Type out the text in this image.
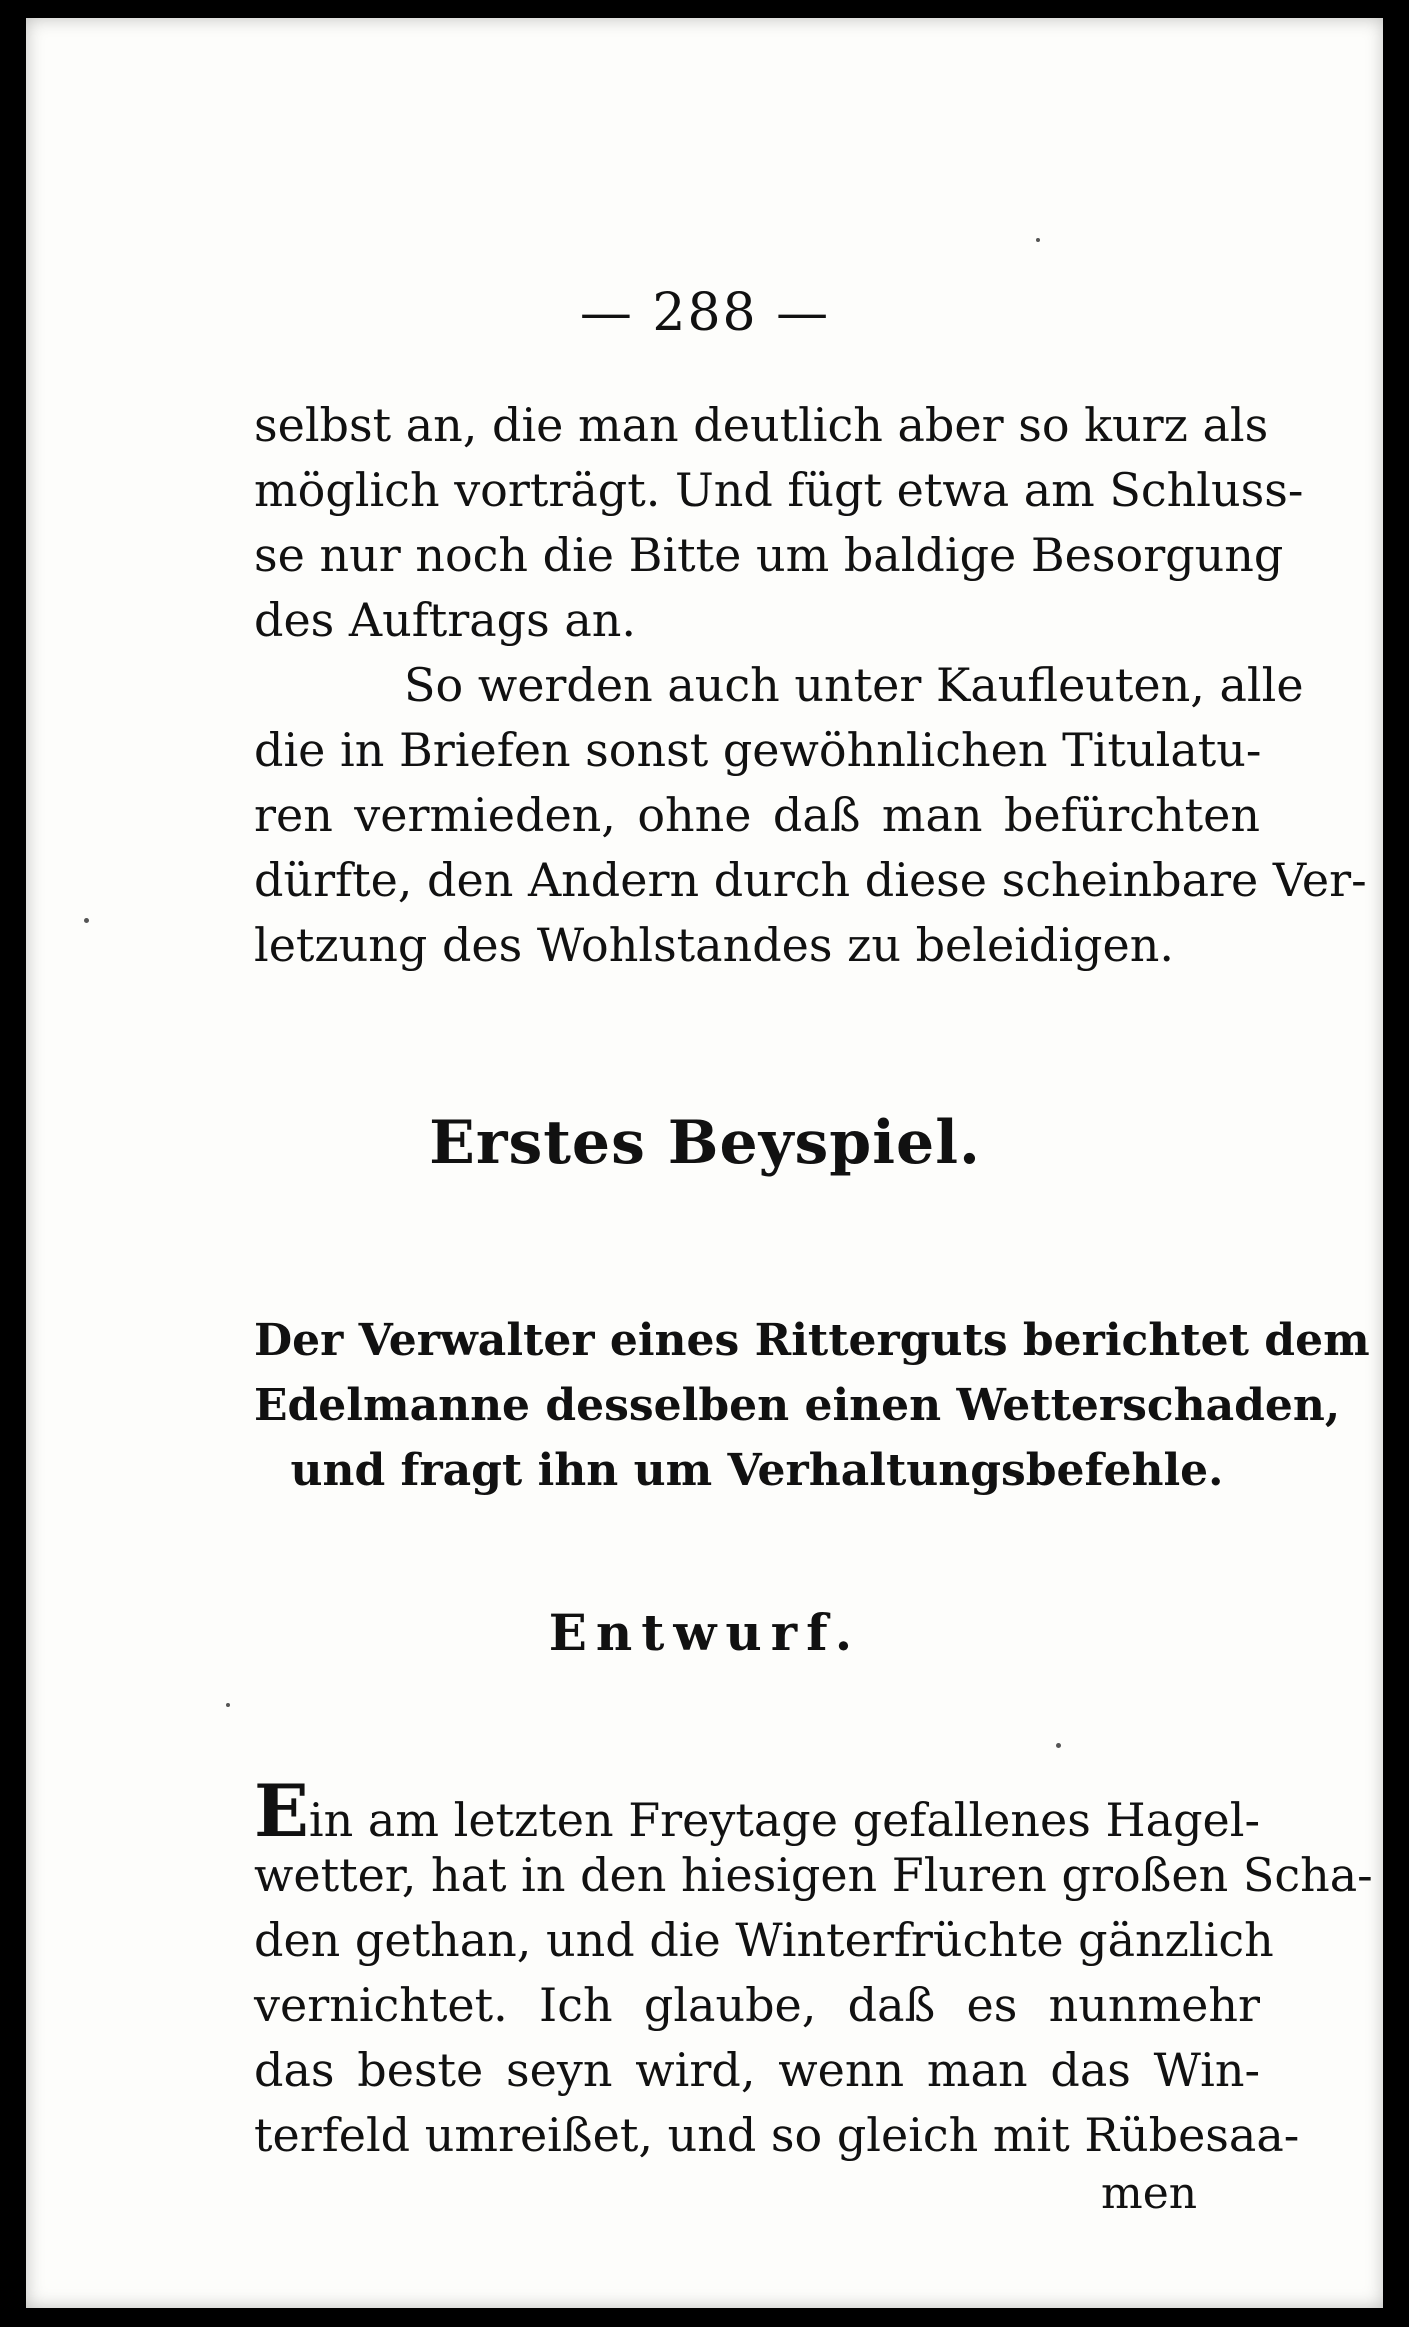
— 288 —
selbst an, die man deutlich aber so kurz als
möglich vorträgt. Und fügt etwa am Schluss-
se nur noch die Bitte um baldige Besorgung
des Auftrags an.
So werden auch unter Kaufleuten, alle
die in Briefen sonst gewöhnlichen Titulatu-
ren vermieden, ohne daß man befürchten
dürfte, den Andern durch diese scheinbare Ver-
letzung des Wohlstandes zu beleidigen.
Erstes Beyspiel.
Der Verwalter eines Ritterguts berichtet dem
Edelmanne desselben einen Wetterschaden,
und fragt ihn um Verhaltungsbefehle.
Entwurf.
Ein am letzten Freytage gefallenes Hagel-
wetter, hat in den hiesigen Fluren großen Scha-
den gethan, und die Winterfrüchte gänzlich
vernichtet. Ich glaube, daß es nunmehr
das beste seyn wird, wenn man das Win-
terfeld umreißet, und so gleich mit Rübesaa-
men
